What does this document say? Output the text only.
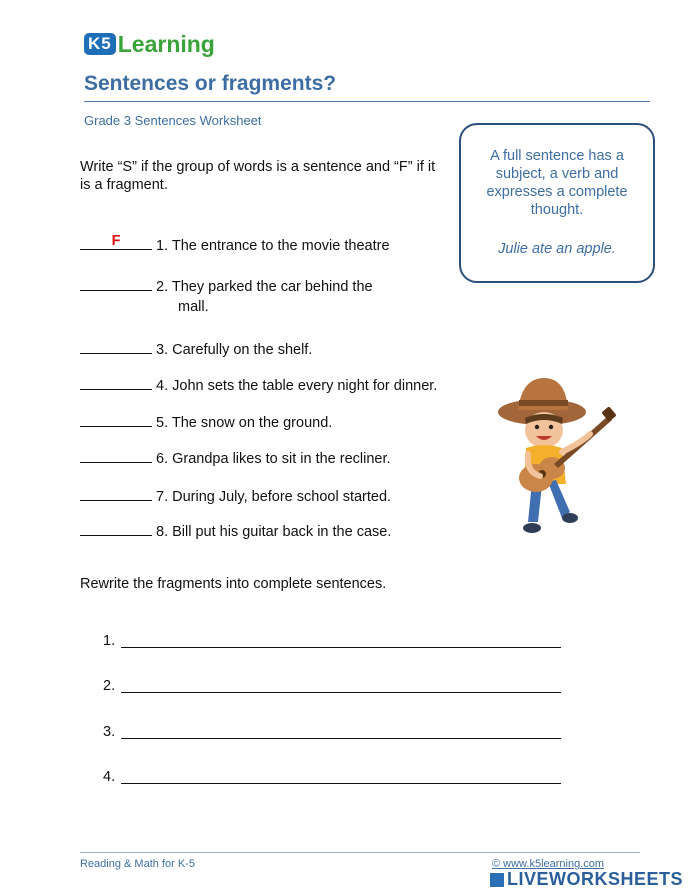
K5 Learning
Sentences or fragments?
Grade 3 Sentences Worksheet
A full sentence has a subject, a verb and expresses a complete thought.
Julie ate an apple.
Write “S” if the group of words is a sentence and “F” if it is a fragment.
F	1. The entrance to the movie theatre
2. They parked the car behind the
mall.
3. Carefully on the shelf.
4. John sets the table every night for dinner.
5. The snow on the ground.
6. Grandpa likes to sit in the recliner.
7. During July, before school started.
8. Bill put his guitar back in the case.
Rewrite the fragments into complete sentences.
1.
2.
3.
4.
Reading & Math for K-5	© www.k5learning.com
LIVEWORKSHEETS
